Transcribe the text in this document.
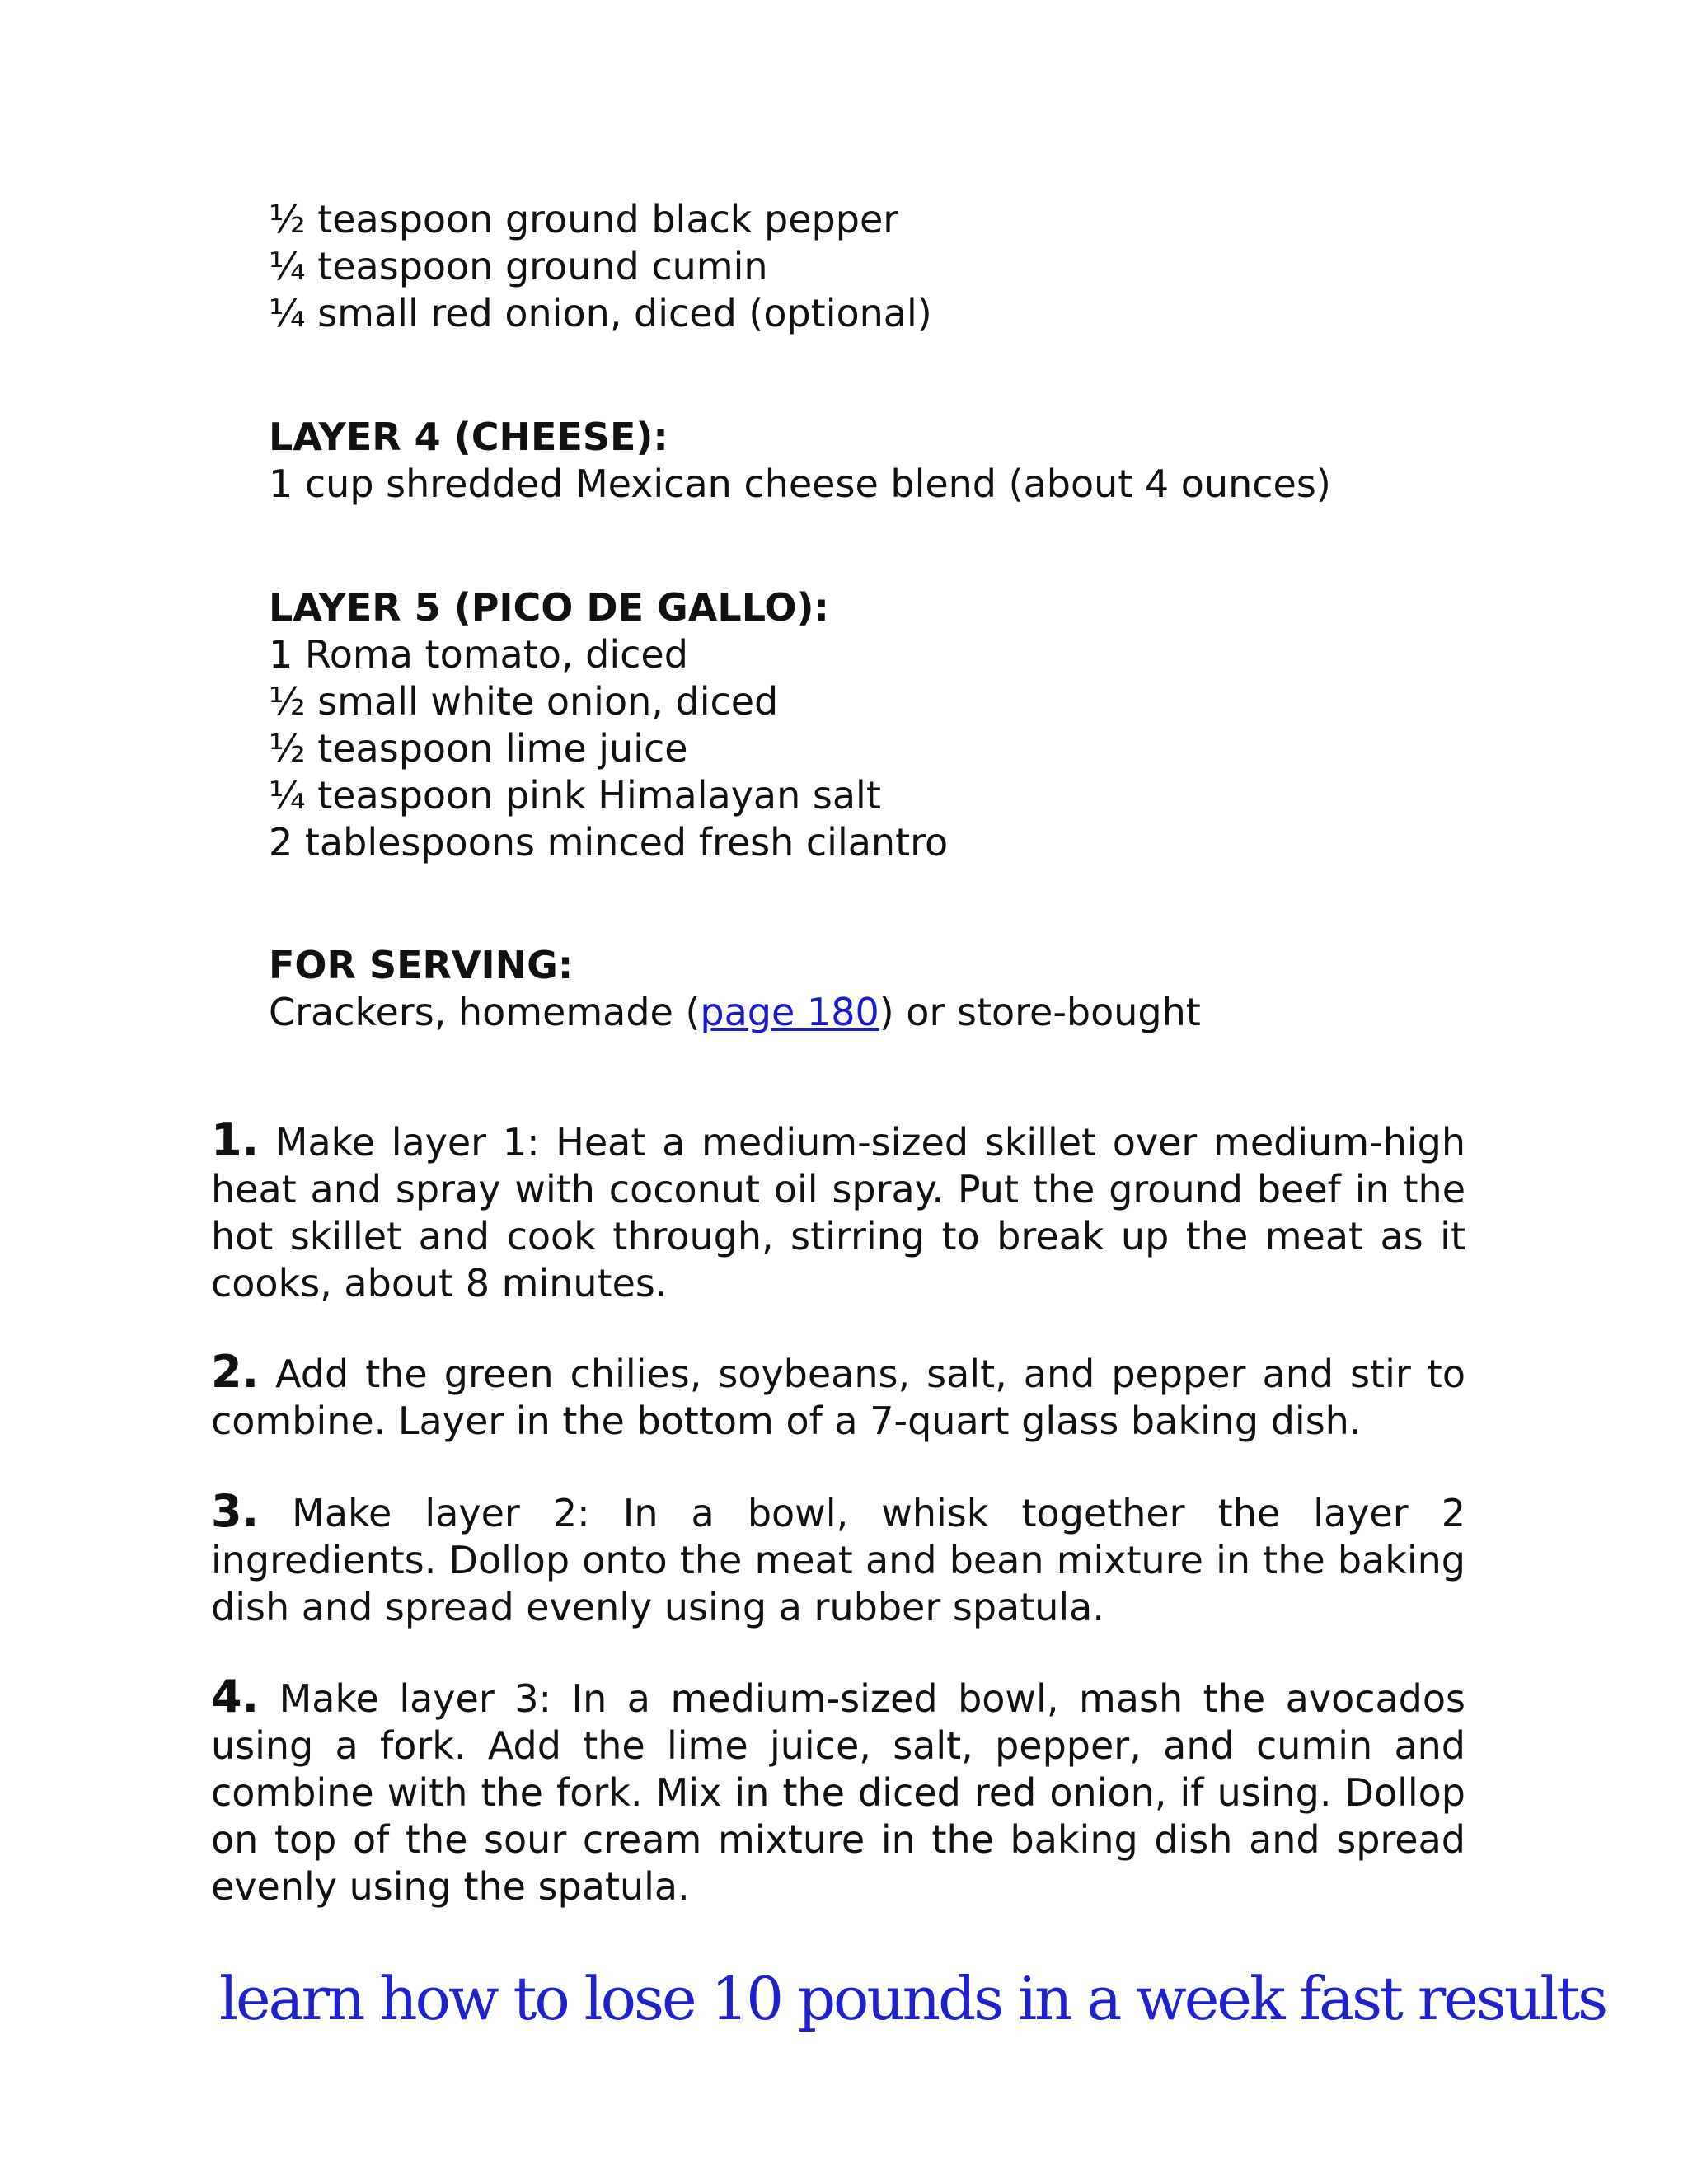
½ teaspoon ground black pepper
¼ teaspoon ground cumin
¼ small red onion, diced (optional)
LAYER 4 (CHEESE):
1 cup shredded Mexican cheese blend (about 4 ounces)
LAYER 5 (PICO DE GALLO):
1 Roma tomato, diced
½ small white onion, diced
½ teaspoon lime juice
¼ teaspoon pink Himalayan salt
2 tablespoons minced fresh cilantro
FOR SERVING:
Crackers, homemade (page 180) or store-bought

1. Make layer 1: Heat a medium-sized skillet over medium-high heat and spray with coconut oil spray. Put the ground beef in the hot skillet and cook through, stirring to break up the meat as it cooks, about 8 minutes.

2. Add the green chilies, soybeans, salt, and pepper and stir to combine. Layer in the bottom of a 7-quart glass baking dish.

3. Make layer 2: In a bowl, whisk together the layer 2 ingredients. Dollop onto the meat and bean mixture in the baking dish and spread evenly using a rubber spatula.

4. Make layer 3: In a medium-sized bowl, mash the avocados using a fork. Add the lime juice, salt, pepper, and cumin and combine with the fork. Mix in the diced red onion, if using. Dollop on top of the sour cream mixture in the baking dish and spread evenly using the spatula.

learn how to lose 10 pounds in a week fast results
